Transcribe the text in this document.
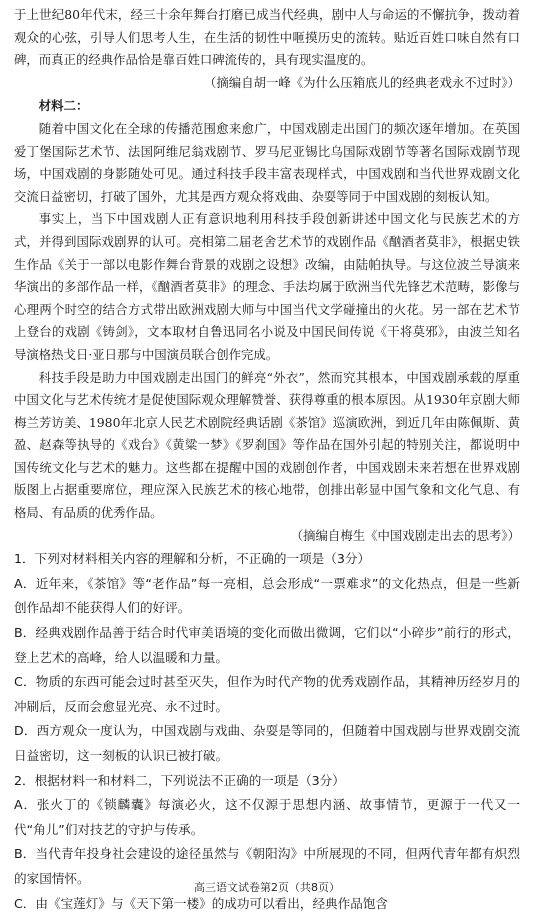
于上世纪80年代末，经三十余年舞台打磨已成当代经典，剧中人与命运的不懈抗争，拨动着观众的心弦，引导人们思考人生，在生活的韧性中咂摸历史的流转。贴近百姓口味自然有口碑，而真正的经典作品恰是靠百姓口碑流传的，具有现实温度的。

（摘编自胡一峰《为什么压箱底儿的经典老戏永不过时》）

材料二：

随着中国文化在全球的传播范围愈来愈广，中国戏剧走出国门的频次逐年增加。在英国爱丁堡国际艺术节、法国阿维尼翁戏剧节、罗马尼亚锡比乌国际戏剧节等著名国际戏剧节现场，中国戏剧的身影随处可见。通过科技手段丰富表现样式，中国戏剧和当代世界戏剧文化交流日益密切，打破了国外，尤其是西方观众将戏曲、杂耍等同于中国戏剧的刻板认知。

事实上，当下中国戏剧人正有意识地利用科技手段创新讲述中国文化与民族艺术的方式，并得到国际戏剧界的认可。亮相第二届老舍艺术节的戏剧作品《酗酒者莫非》，根据史铁生作品《关于一部以电影作舞台背景的戏剧之设想》改编，由陆帕执导。与这位波兰导演来华演出的多部作品一样，《酗酒者莫非》的理念、手法均属于欧洲当代先锋艺术范畴，影像与心理两个时空的结合方式带出欧洲戏剧大师与中国当代文学碰撞出的火花。另一部在艺术节上登台的戏剧《铸剑》，文本取材自鲁迅同名小说及中国民间传说《干将莫邪》，由波兰知名导演格热戈日·亚日那与中国演员联合创作完成。

科技手段是助力中国戏剧走出国门的鲜亮“外衣”，然而究其根本，中国戏剧承载的厚重中国文化与艺术传统才是促使国际观众理解赞誉、获得尊重的根本原因。从1930年京剧大师梅兰芳访美、1980年北京人民艺术剧院经典话剧《茶馆》巡演欧洲，到近几年由陈佩斯、黄盈、赵森等执导的《戏台》《黄粱一梦》《罗刹国》等作品在国外引起的特别关注，都说明中国传统文化与艺术的魅力。这些都在提醒中国的戏剧创作者，中国戏剧未来若想在世界戏剧版图上占据重要席位，理应深入民族艺术的核心地带，创排出彰显中国气象和文化气息、有格局、有品质的优秀作品。

（摘编自梅生《中国戏剧走出去的思考》）

1．下列对材料相关内容的理解和分析，不正确的一项是（3分）

A．近年来，《茶馆》等“老作品”每一亮相，总会形成“一票难求”的文化热点，但是一些新创作品却不能获得人们的好评。

B．经典戏剧作品善于结合时代审美语境的变化而做出微调，它们以“小碎步”前行的形式，登上艺术的高峰，给人以温暖和力量。

C．物质的东西可能会过时甚至灭失，但作为时代产物的优秀戏剧作品，其精神历经岁月的冲刷后，反而会愈显光亮、永不过时。

D．西方观众一度认为，中国戏剧与戏曲、杂耍是等同的，但随着中国戏剧与世界戏剧交流日益密切，这一刻板的认识已被打破。

2．根据材料一和材料二，下列说法不正确的一项是（3分）

A．张火丁的《锁麟囊》每演必火，这不仅源于思想内涵、故事情节，更源于一代又一代“角儿”们对技艺的守护与传承。

B．当代青年投身社会建设的途径虽然与《朝阳沟》中所展现的不同，但两代青年都有炽烈的家国情怀。

C．由《宝莲灯》与《天下第一楼》的成功可以看出，经典作品饱含

高三语文试卷第2页（共8页）
